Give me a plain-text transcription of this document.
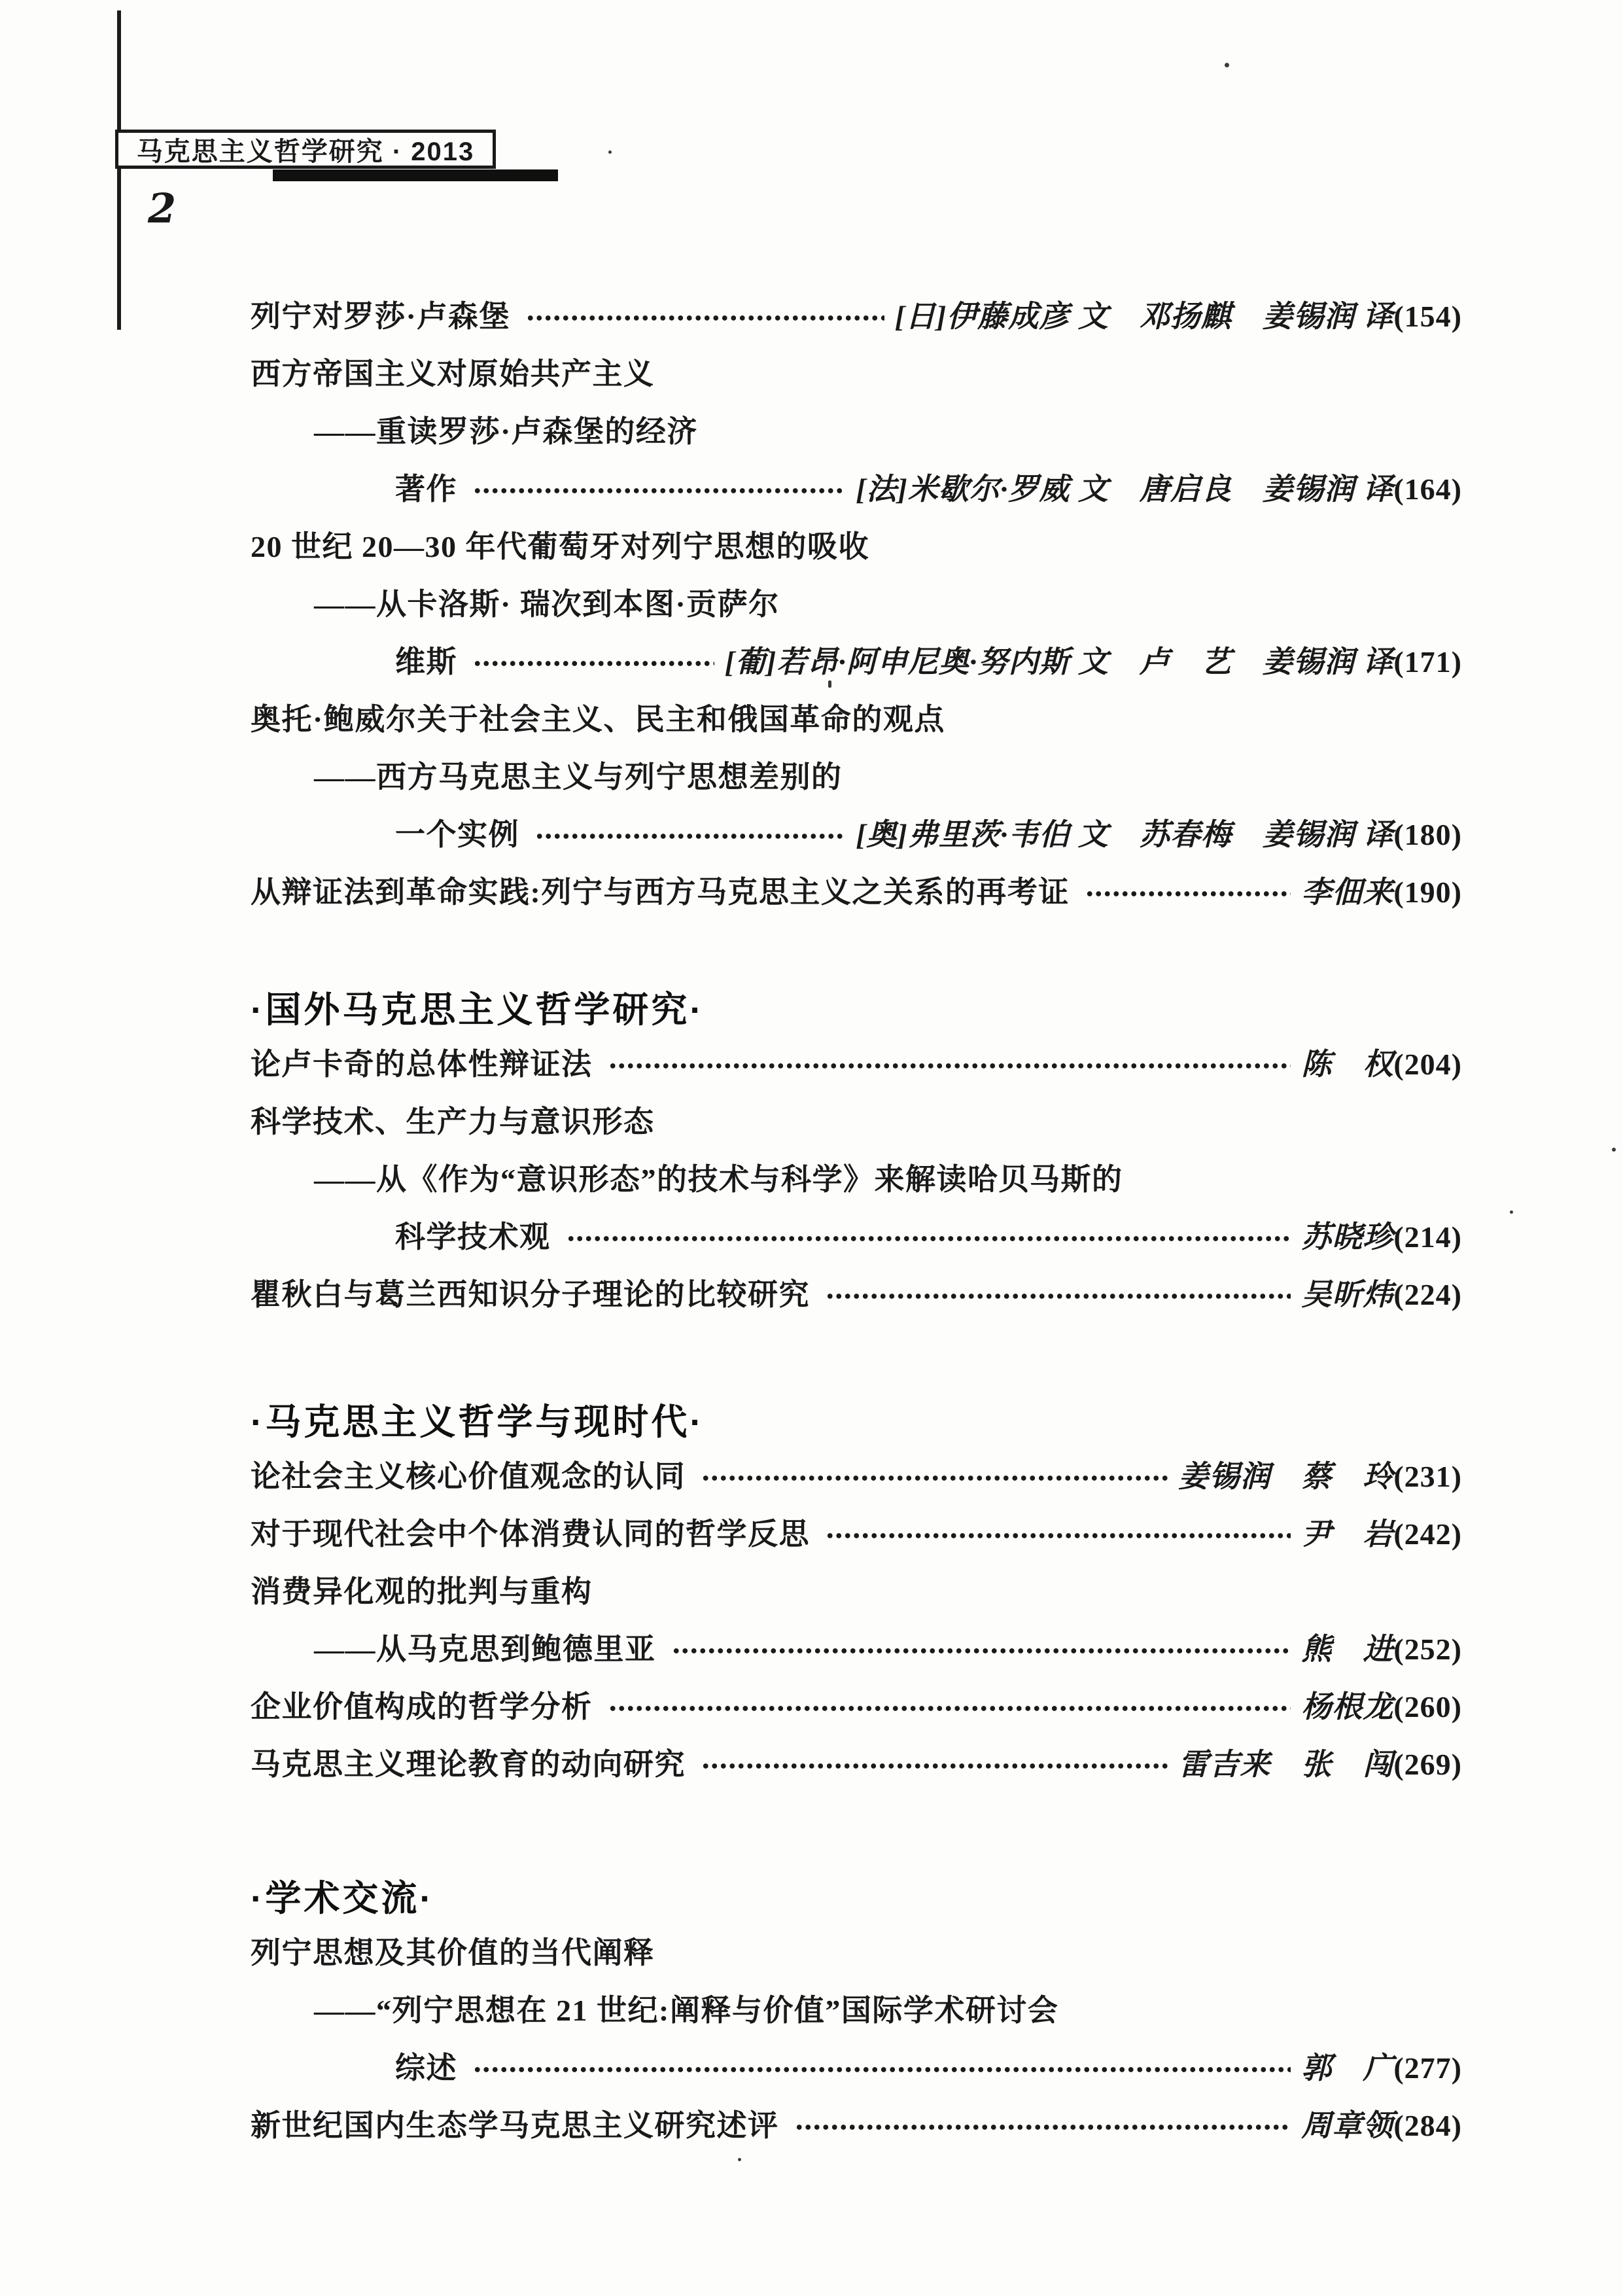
马克思主义哲学研究 · 2013
2
列宁对罗莎·卢森堡	[日]伊藤成彦 文　邓扬麒　姜锡润 译 (154)
西方帝国主义对原始共产主义
——重读罗莎·卢森堡的经济
著作	[法]米歇尔·罗威 文　唐启良　姜锡润 译 (164)
20 世纪 20—30 年代葡萄牙对列宁思想的吸收
——从卡洛斯· 瑞次到本图·贡萨尔
维斯	[葡]若昂·阿申尼奥·努内斯 文　卢　艺　姜锡润 译 (171)
奥托·鲍威尔关于社会主义、民主和俄国革命的观点
——西方马克思主义与列宁思想差别的
一个实例	[奥]弗里茨·韦伯 文　苏春梅　姜锡润 译 (180)
从辩证法到革命实践:列宁与西方马克思主义之关系的再考证	李佃来 (190)
·国外马克思主义哲学研究·
论卢卡奇的总体性辩证法	陈　权 (204)
科学技术、生产力与意识形态
——从《作为“意识形态”的技术与科学》来解读哈贝马斯的
科学技术观	苏晓珍 (214)
瞿秋白与葛兰西知识分子理论的比较研究	吴昕炜 (224)
·马克思主义哲学与现时代·
论社会主义核心价值观念的认同	姜锡润　蔡　玲 (231)
对于现代社会中个体消费认同的哲学反思	尹　岩 (242)
消费异化观的批判与重构
——从马克思到鲍德里亚	熊　进 (252)
企业价值构成的哲学分析	杨根龙 (260)
马克思主义理论教育的动向研究	雷吉来　张　闯 (269)
·学术交流·
列宁思想及其价值的当代阐释
——“列宁思想在 21 世纪:阐释与价值”国际学术研讨会
综述	郭　广 (277)
新世纪国内生态学马克思主义研究述评	周章领 (284)
